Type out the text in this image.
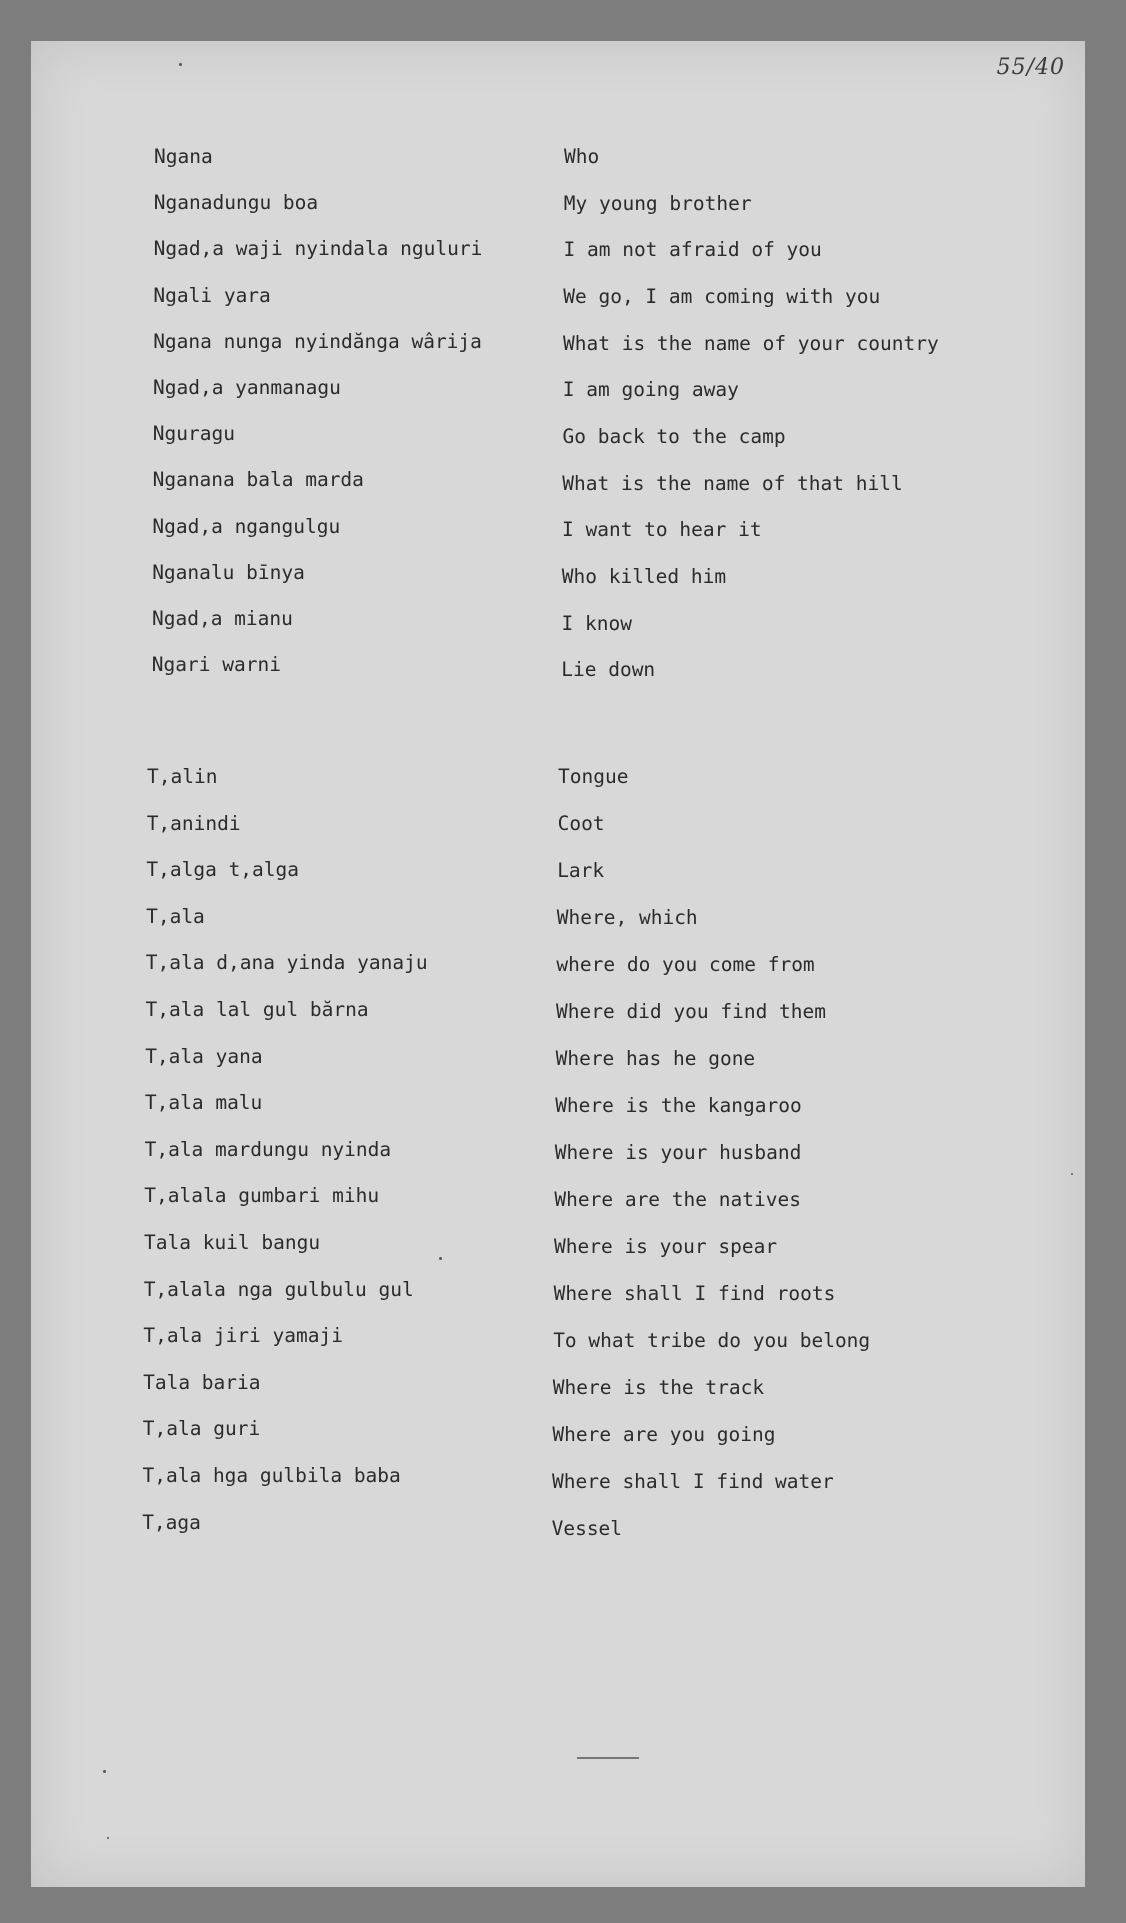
55/40
Ngana	Who
Nganadungu boa	My young brother
Ngad,a waji nyindala nguluri	I am not afraid of you
Ngali yara	We go, I am coming with you
Ngana nunga nyindănga wârija	What is the name of your country
Ngad,a yanmanagu	I am going away
Nguragu	Go back to the camp
Nganana bala marda	What is the name of that hill
Ngad,a ngangulgu	I want to hear it
Nganalu bīnya	Who killed him
Ngad,a mianu	I know
Ngari warni	Lie down
T,alin	Tongue
T,anindi	Coot
T,alga t,alga	Lark
T,ala	Where, which
T,ala d,ana yinda yanaju	where do you come from
T,ala lal gul bărna	Where did you find them
T,ala yana	Where has he gone
T,ala malu	Where is the kangaroo
T,ala mardungu nyinda	Where is your husband
T,alala gumbari mihu	Where are the natives
Tala kuil bangu	Where is your spear
T,alala nga gulbulu gul	Where shall I find roots
T,ala jiri yamaji	To what tribe do you belong
Tala baria	Where is the track
T,ala guri	Where are you going
T,ala hga gulbila baba	Where shall I find water
T,aga	Vessel
